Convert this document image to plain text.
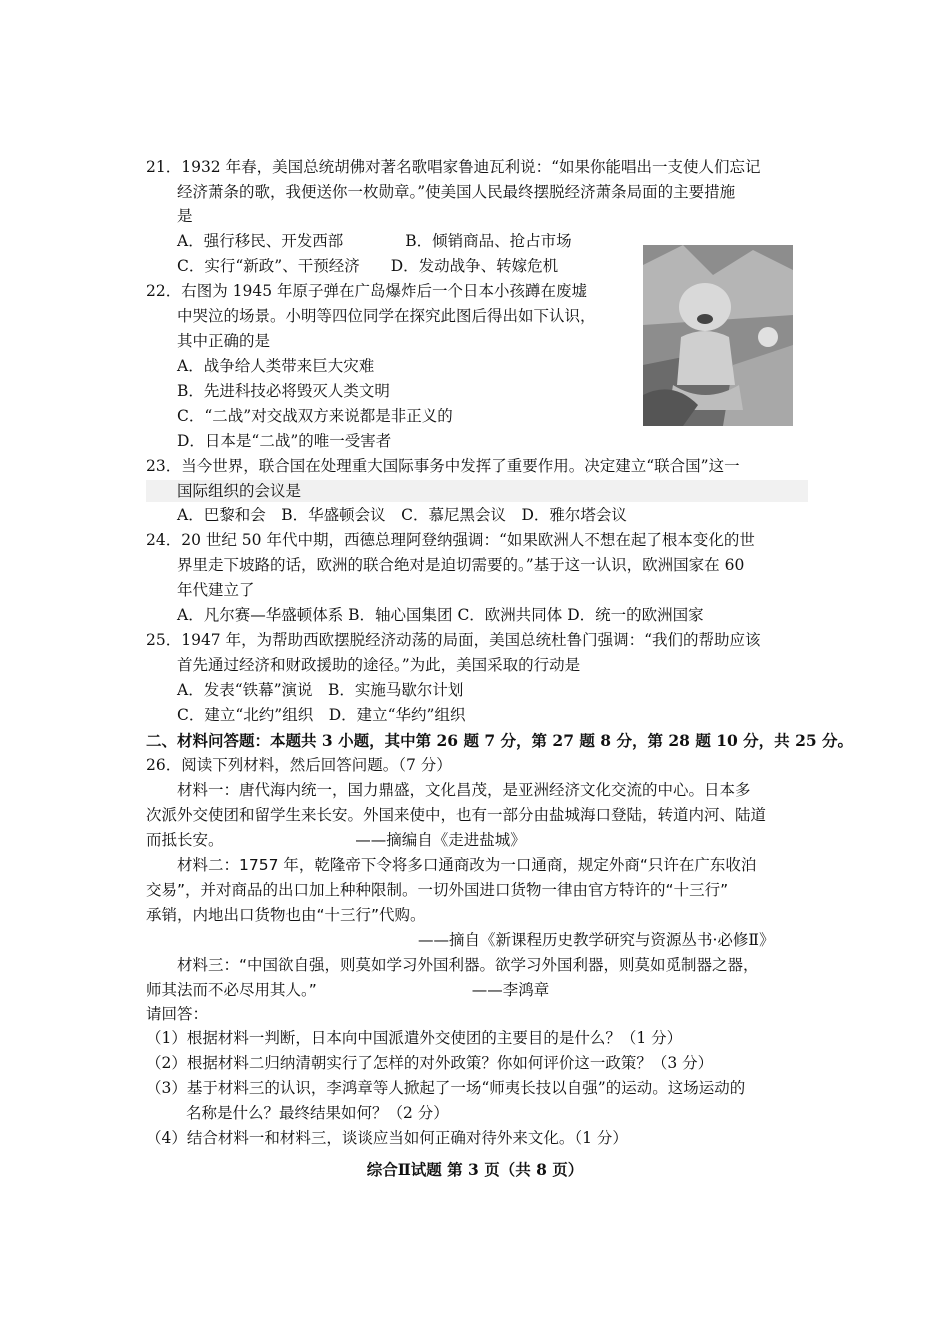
21．1932 年春，美国总统胡佛对著名歌唱家鲁迪瓦利说：“如果你能唱出一支使人们忘记
经济萧条的歌，我便送你一枚勋章。”使美国人民最终摆脱经济萧条局面的主要措施
是
A．强行移民、开发西部　　　　B．倾销商品、抢占市场
C．实行“新政”、干预经济　　D．发动战争、转嫁危机
22．右图为 1945 年原子弹在广岛爆炸后一个日本小孩蹲在废墟
中哭泣的场景。小明等四位同学在探究此图后得出如下认识，
其中正确的是
A．战争给人类带来巨大灾难
B．先进科技必将毁灭人类文明
C．“二战”对交战双方来说都是非正义的
D．日本是“二战”的唯一受害者
23．当今世界，联合国在处理重大国际事务中发挥了重要作用。决定建立“联合国”这一
国际组织的会议是
A．巴黎和会　B．华盛顿会议　C．慕尼黑会议　D．雅尔塔会议
24．20 世纪 50 年代中期，西德总理阿登纳强调：“如果欧洲人不想在起了根本变化的世
界里走下坡路的话，欧洲的联合绝对是迫切需要的。”基于这一认识，欧洲国家在 60
年代建立了
A．凡尔赛—华盛顿体系 B．轴心国集团 C．欧洲共同体 D．统一的欧洲国家
25．1947 年，为帮助西欧摆脱经济动荡的局面，美国总统杜鲁门强调：“我们的帮助应该
首先通过经济和财政援助的途径。”为此，美国采取的行动是
A．发表“铁幕”演说　B．实施马歇尔计划
C．建立“北约”组织　D．建立“华约”组织
二、材料问答题：本题共 3 小题，其中第 26 题 7 分，第 27 题 8 分，第 28 题 10 分，共 25 分。
26．阅读下列材料，然后回答问题。（7 分）
材料一：唐代海内统一，国力鼎盛，文化昌茂，是亚洲经济文化交流的中心。日本多
次派外交使团和留学生来长安。外国来使中，也有一部分由盐城海口登陆，转道内河、陆道
而抵长安。　　　　　　　　　——摘编自《走进盐城》
材料二：1757 年，乾隆帝下令将多口通商改为一口通商，规定外商“只许在广东收泊
交易”，并对商品的出口加上种种限制。一切外国进口货物一律由官方特许的“十三行”
承销，内地出口货物也由“十三行”代购。
——摘自《新课程历史教学研究与资源丛书·必修Ⅱ》
材料三：“中国欲自强，则莫如学习外国利器。欲学习外国利器，则莫如觅制器之器，
师其法而不必尽用其人。”　　　　　　　　　　——李鸿章
请回答：
（1）根据材料一判断，日本向中国派遣外交使团的主要目的是什么？（1 分）
（2）根据材料二归纳清朝实行了怎样的对外政策？你如何评价这一政策？（3 分）
（3）基于材料三的认识，李鸿章等人掀起了一场“师夷长技以自强”的运动。这场运动的
名称是什么？最终结果如何？（2 分）
（4）结合材料一和材料三，谈谈应当如何正确对待外来文化。（1 分）
综合Ⅱ试题 第 3 页（共 8 页）
